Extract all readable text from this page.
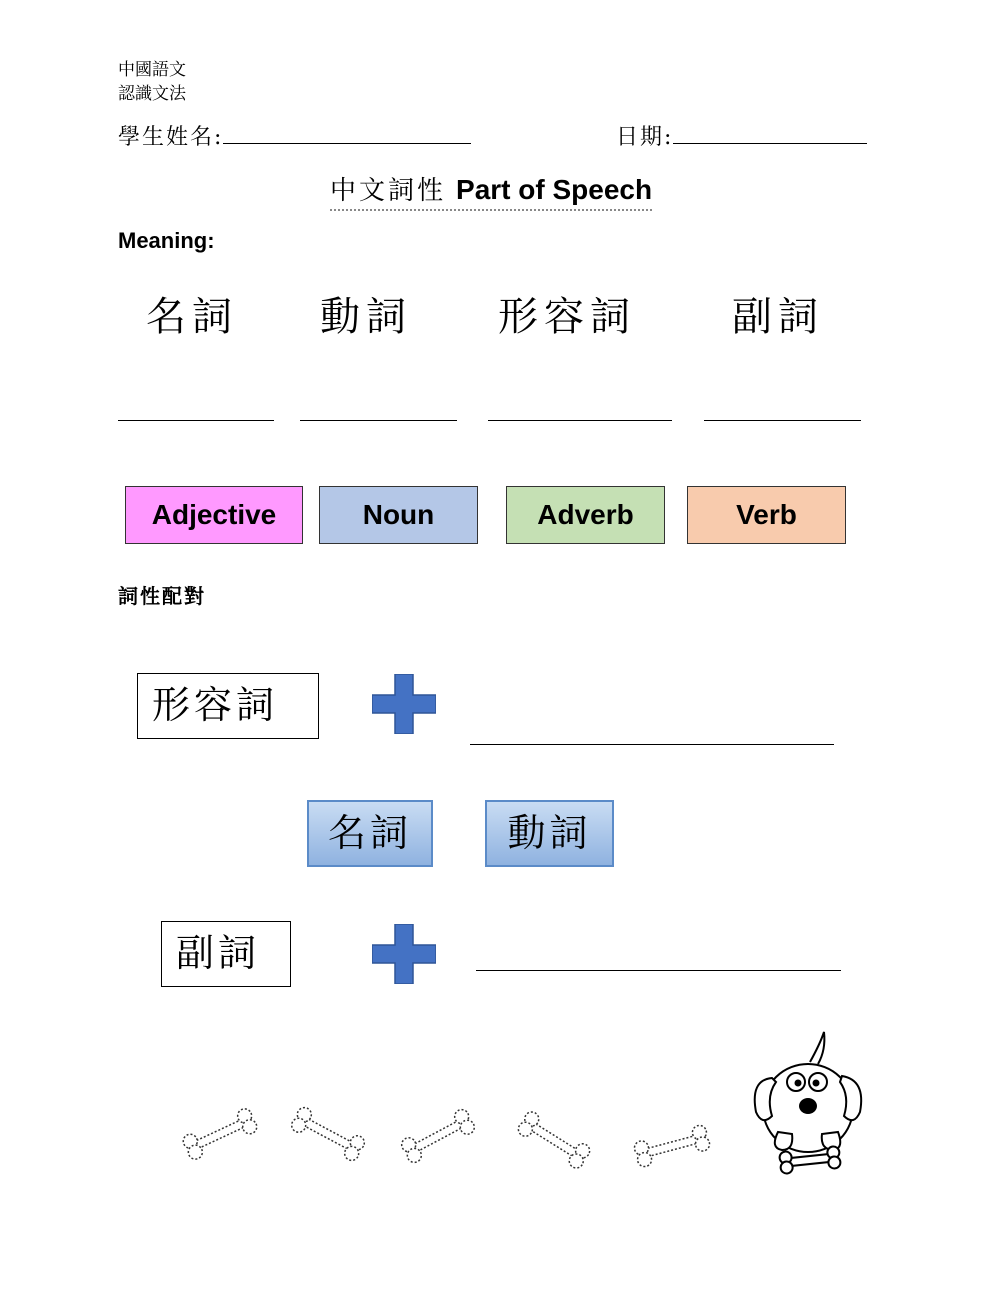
中國語文
認識文法
學生姓名:	日期:
中文詞性 Part of Speech
Meaning:
名詞 動詞 形容詞 副詞
Adjective	Noun	Adverb	Verb
詞性配對
形容詞
名詞	動詞
副詞
